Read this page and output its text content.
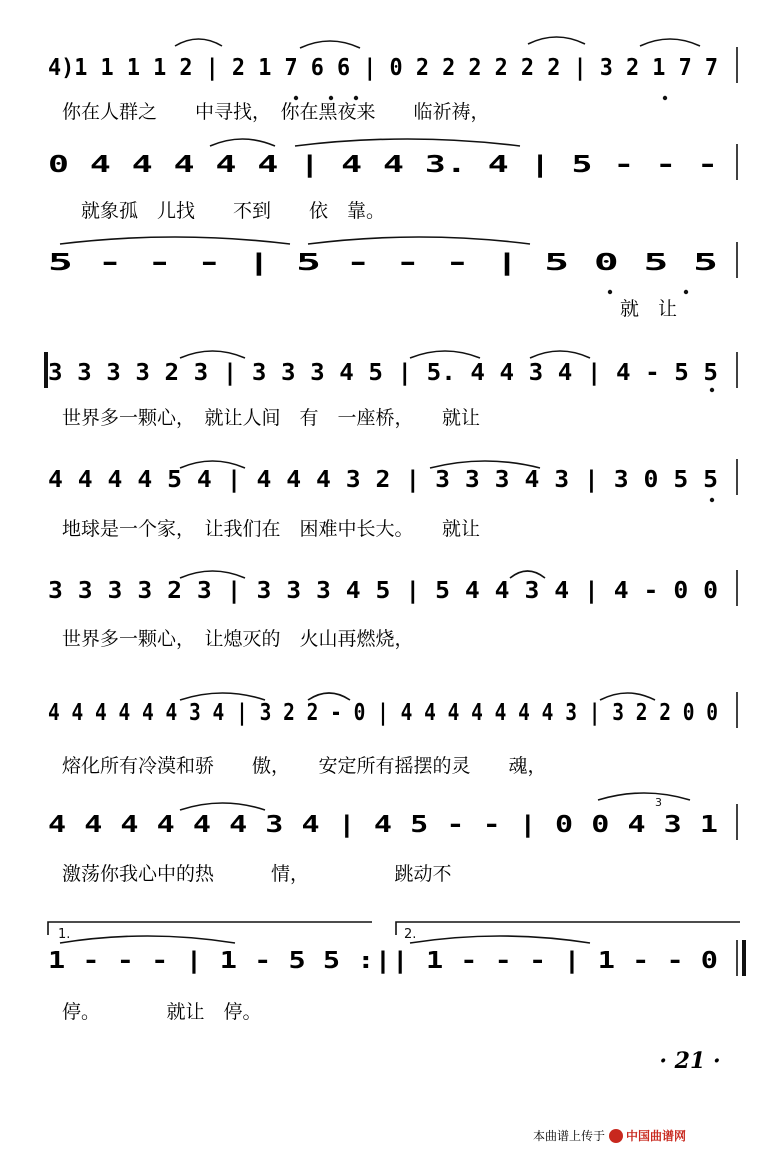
4)1 1 1 1 2 | 2 1 7 6 6 | 0 2 2 2 2 2 2 | 3 2 1 7 7
你在人群之　　中寻找，　你在黑夜来　　临祈祷，
0 4 4 4 4 4 | 4 4 3. 4 | 5 - - -
　就象孤　儿找　　不到　　依　靠。
5 - - - | 5 - - - | 5 0 5 5
就　让
3 3 3 3 2 3 | 3 3 3 4 5 | 5. 4 4 3 4 | 4 - 5 5
世界多一颗心，　就让人间　有　一座桥，　　就让
4 4 4 4 5 4 | 4 4 4 3 2 | 3 3 3 4 3 | 3 0 5 5
地球是一个家，　让我们在　困难中长大。　　就让
3 3 3 3 2 3 | 3 3 3 4 5 | 5 4 4 3 4 | 4 - 0 0
世界多一颗心，　让熄灭的　火山再燃烧，
4 4 4 4 4 4 3 4 | 3 2 2 - 0 | 4 4 4 4 4 4 4 3 | 3 2 2 0 0
熔化所有冷漠和骄　　傲，　　安定所有摇摆的灵　　魂，
4 4 4 4 4 4 3 4 | 4 5 - - | 0 0 4 3 1
激荡你我心中的热　　　情，　　　　　跳动不
1 - - - | 1 - 5 5 :|| 1 - - - | 1 - - 0
停。　　　　就让　停。
1.	2.
3
· 21 ·
本曲谱上传于 中国曲谱网
